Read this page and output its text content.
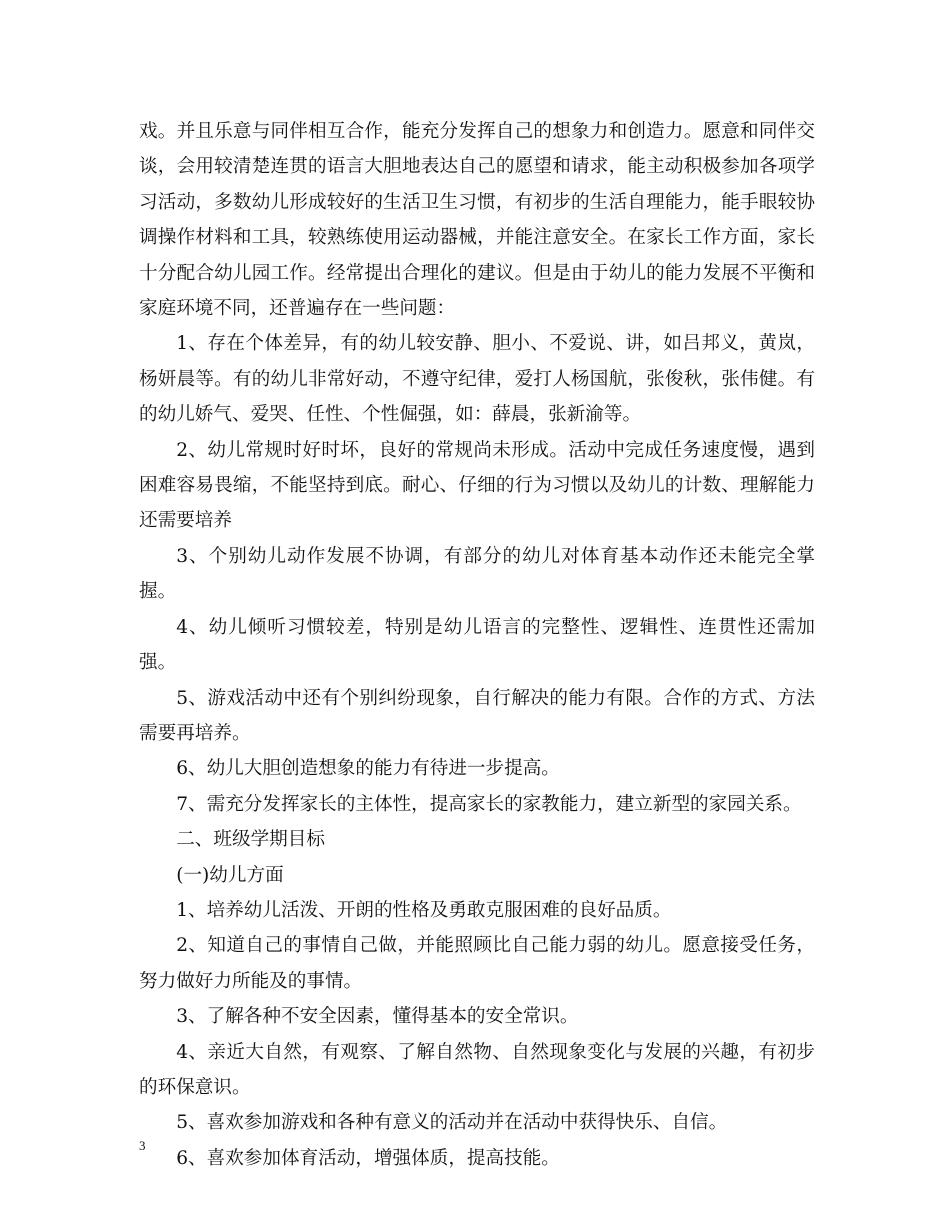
戏。并且乐意与同伴相互合作，能充分发挥自己的想象力和创造力。愿意和同伴交谈，会用较清楚连贯的语言大胆地表达自己的愿望和请求，能主动积极参加各项学习活动，多数幼儿形成较好的生活卫生习惯，有初步的生活自理能力，能手眼较协调操作材料和工具，较熟练使用运动器械，并能注意安全。在家长工作方面，家长十分配合幼儿园工作。经常提出合理化的建议。但是由于幼儿的能力发展不平衡和家庭环境不同，还普遍存在一些问题：

1、存在个体差异，有的幼儿较安静、胆小、不爱说、讲，如吕邦义，黄岚，杨妍晨等。有的幼儿非常好动，不遵守纪律，爱打人杨国航，张俊秋，张伟健。有的幼儿娇气、爱哭、任性、个性倔强，如：薛晨，张新渝等。

2、幼儿常规时好时坏，良好的常规尚未形成。活动中完成任务速度慢，遇到困难容易畏缩，不能坚持到底。耐心、仔细的行为习惯以及幼儿的计数、理解能力还需要培养

3、个别幼儿动作发展不协调，有部分的幼儿对体育基本动作还未能完全掌握。

4、幼儿倾听习惯较差，特别是幼儿语言的完整性、逻辑性、连贯性还需加强。

5、游戏活动中还有个别纠纷现象，自行解决的能力有限。合作的方式、方法需要再培养。

6、幼儿大胆创造想象的能力有待进一步提高。

7、需充分发挥家长的主体性，提高家长的家教能力，建立新型的家园关系。

二、班级学期目标

(一)幼儿方面

1、培养幼儿活泼、开朗的性格及勇敢克服困难的良好品质。

2、知道自己的事情自己做，并能照顾比自己能力弱的幼儿。愿意接受任务，努力做好力所能及的事情。

3、了解各种不安全因素，懂得基本的安全常识。

4、亲近大自然，有观察、了解自然物、自然现象变化与发展的兴趣，有初步的环保意识。

5、喜欢参加游戏和各种有意义的活动并在活动中获得快乐、自信。

6、喜欢参加体育活动，增强体质，提高技能。

3
